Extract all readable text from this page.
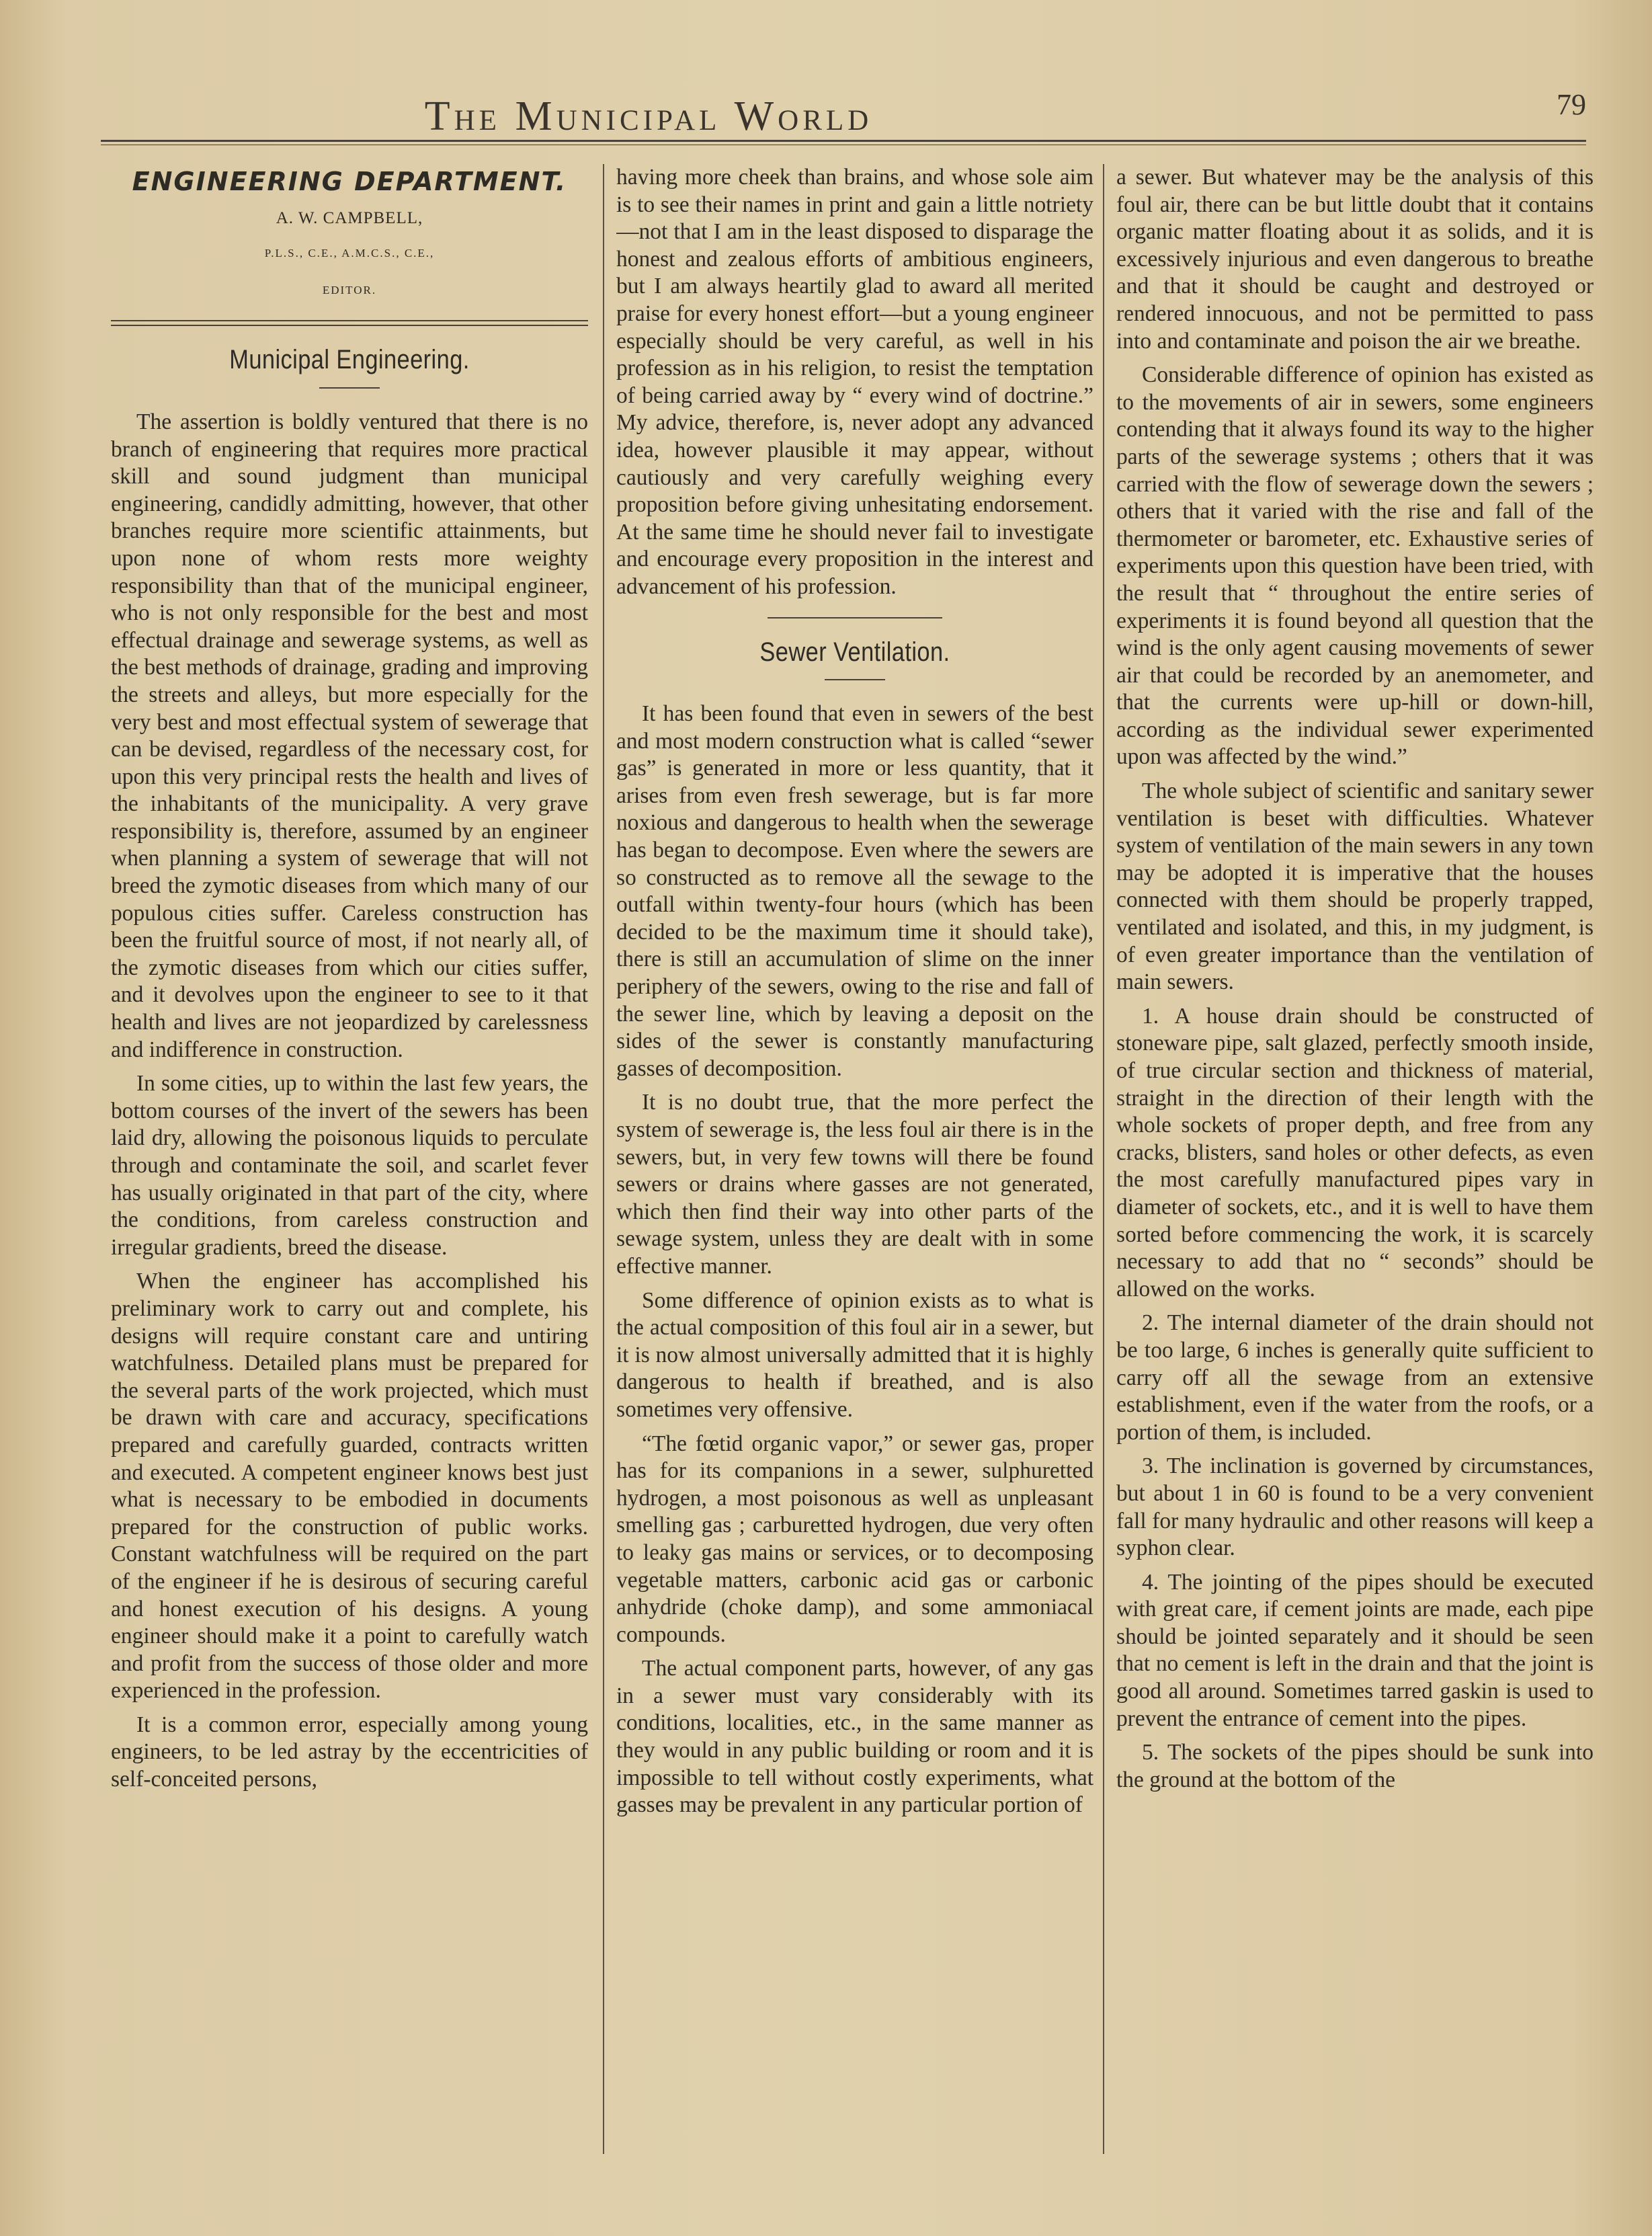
The Municipal World	79
ENGINEERING DEPARTMENT.
A. W. CAMPBELL,
P.L.S., C.E., A.M.C.S., C.E.,
EDITOR.
Municipal Engineering.

The assertion is boldly ventured that there is no branch of engineering that requires more practical skill and sound judgment than municipal engineering, candidly admitting, however, that other branches require more scientific attainments, but upon none of whom rests more weighty responsibility than that of the municipal engineer, who is not only responsible for the best and most effectual drainage and sewerage systems, as well as the best methods of drainage, grading and improving the streets and alleys, but more especially for the very best and most effectual system of sewerage that can be devised, regardless of the necessary cost, for upon this very principal rests the health and lives of the inhabitants of the municipality. A very grave responsibility is, therefore, assumed by an engineer when planning a system of sewerage that will not breed the zymotic diseases from which many of our populous cities suffer. Careless construction has been the fruitful source of most, if not nearly all, of the zymotic diseases from which our cities suffer, and it devolves upon the engineer to see to it that health and lives are not jeopardized by carelessness and indifference in construction.

In some cities, up to within the last few years, the bottom courses of the invert of the sewers has been laid dry, allowing the poisonous liquids to perculate through and contaminate the soil, and scarlet fever has usually originated in that part of the city, where the conditions, from careless construction and irregular gradients, breed the disease.

When the engineer has accomplished his preliminary work to carry out and complete, his designs will require constant care and untiring watchfulness. Detailed plans must be prepared for the several parts of the work projected, which must be drawn with care and accuracy, specifications prepared and carefully guarded, contracts written and executed. A competent engineer knows best just what is necessary to be embodied in documents prepared for the construction of public works. Constant watchfulness will be required on the part of the engineer if he is desirous of securing careful and honest execution of his designs. A young engineer should make it a point to carefully watch and profit from the success of those older and more experienced in the profession.

It is a common error, especially among young engineers, to be led astray by the eccentricities of self-conceited persons,

having more cheek than brains, and whose sole aim is to see their names in print and gain a little notriety—not that I am in the least disposed to disparage the honest and zealous efforts of ambitious engineers, but I am always heartily glad to award all merited praise for every honest effort—but a young engineer especially should be very careful, as well in his profession as in his religion, to resist the temptation of being carried away by “ every wind of doctrine.” My advice, therefore, is, never adopt any advanced idea, however plausible it may appear, without cautiously and very carefully weighing every proposition before giving unhesitating endorsement. At the same time he should never fail to investigate and encourage every proposition in the interest and advancement of his profession.

Sewer Ventilation.

It has been found that even in sewers of the best and most modern construction what is called “sewer gas” is generated in more or less quantity, that it arises from even fresh sewerage, but is far more noxious and dangerous to health when the sewerage has began to decompose. Even where the sewers are so constructed as to remove all the sewage to the outfall within twenty-four hours (which has been decided to be the maximum time it should take), there is still an accumulation of slime on the inner periphery of the sewers, owing to the rise and fall of the sewer line, which by leaving a deposit on the sides of the sewer is constantly manufacturing gasses of decomposition.

It is no doubt true, that the more perfect the system of sewerage is, the less foul air there is in the sewers, but, in very few towns will there be found sewers or drains where gasses are not generated, which then find their way into other parts of the sewage system, unless they are dealt with in some effective manner.

Some difference of opinion exists as to what is the actual composition of this foul air in a sewer, but it is now almost universally admitted that it is highly dangerous to health if breathed, and is also sometimes very offensive.

“The fœtid organic vapor,” or sewer gas, proper has for its companions in a sewer, sulphuretted hydrogen, a most poisonous as well as unpleasant smelling gas ; carburetted hydrogen, due very often to leaky gas mains or services, or to decomposing vegetable matters, carbonic acid gas or carbonic anhydride (choke damp), and some ammoniacal compounds.

The actual component parts, however, of any gas in a sewer must vary considerably with its conditions, localities, etc., in the same manner as they would in any public building or room and it is impossible to tell without costly experiments, what gasses may be prevalent in any particular portion of

a sewer. But whatever may be the analysis of this foul air, there can be but little doubt that it contains organic matter floating about it as solids, and it is excessively injurious and even dangerous to breathe and that it should be caught and destroyed or rendered innocuous, and not be permitted to pass into and contaminate and poison the air we breathe.

Considerable difference of opinion has existed as to the movements of air in sewers, some engineers contending that it always found its way to the higher parts of the sewerage systems ; others that it was carried with the flow of sewerage down the sewers ; others that it varied with the rise and fall of the thermometer or barometer, etc. Exhaustive series of experiments upon this question have been tried, with the result that “ throughout the entire series of experiments it is found beyond all question that the wind is the only agent causing movements of sewer air that could be recorded by an anemometer, and that the currents were up-hill or down-hill, according as the individual sewer experimented upon was affected by the wind.”

The whole subject of scientific and sanitary sewer ventilation is beset with difficulties. Whatever system of ventilation of the main sewers in any town may be adopted it is imperative that the houses connected with them should be properly trapped, ventilated and isolated, and this, in my judgment, is of even greater importance than the ventilation of main sewers.

1. A house drain should be constructed of stoneware pipe, salt glazed, perfectly smooth inside, of true circular section and thickness of material, straight in the direction of their length with the whole sockets of proper depth, and free from any cracks, blisters, sand holes or other defects, as even the most carefully manufactured pipes vary in diameter of sockets, etc., and it is well to have them sorted before commencing the work, it is scarcely necessary to add that no “ seconds” should be allowed on the works.

2. The internal diameter of the drain should not be too large, 6 inches is generally quite sufficient to carry off all the sewage from an extensive establishment, even if the water from the roofs, or a portion of them, is included.

3. The inclination is governed by circumstances, but about 1 in 60 is found to be a very convenient fall for many hydraulic and other reasons will keep a syphon clear.

4. The jointing of the pipes should be executed with great care, if cement joints are made, each pipe should be jointed separately and it should be seen that no cement is left in the drain and that the joint is good all around. Sometimes tarred gaskin is used to prevent the entrance of cement into the pipes.

5. The sockets of the pipes should be sunk into the ground at the bottom of the
